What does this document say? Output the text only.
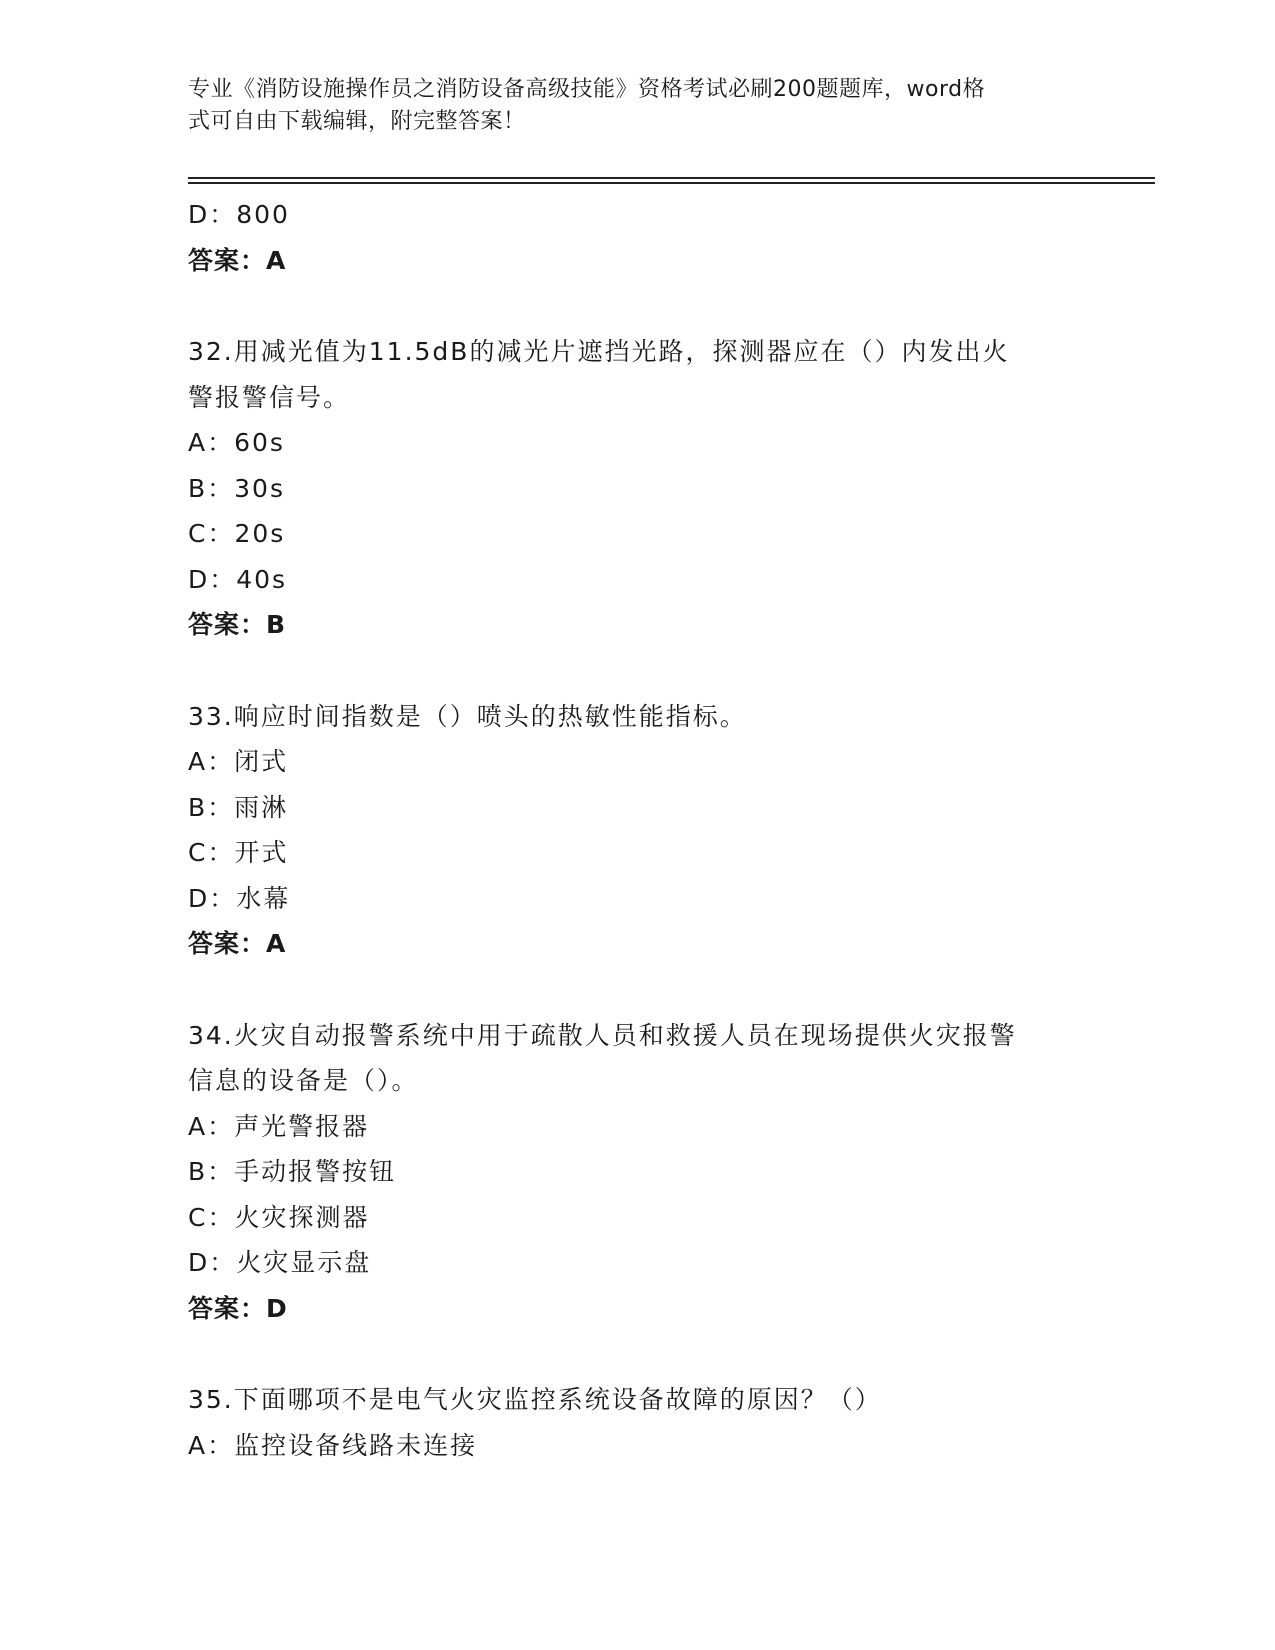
专业《消防设施操作员之消防设备高级技能》资格考试必刷200题题库，word格
式可自由下载编辑，附完整答案！
D：800
答案：A
32.用减光值为11.5dB的减光片遮挡光路，探测器应在（）内发出火
警报警信号。
A：60s
B：30s
C：20s
D：40s
答案：B
33.响应时间指数是（）喷头的热敏性能指标。
A：闭式
B：雨淋
C：开式
D：水幕
答案：A
34.火灾自动报警系统中用于疏散人员和救援人员在现场提供火灾报警
信息的设备是（）。
A：声光警报器
B：手动报警按钮
C：火灾探测器
D：火灾显示盘
答案：D
35.下面哪项不是电气火灾监控系统设备故障的原因？（）
A：监控设备线路未连接
